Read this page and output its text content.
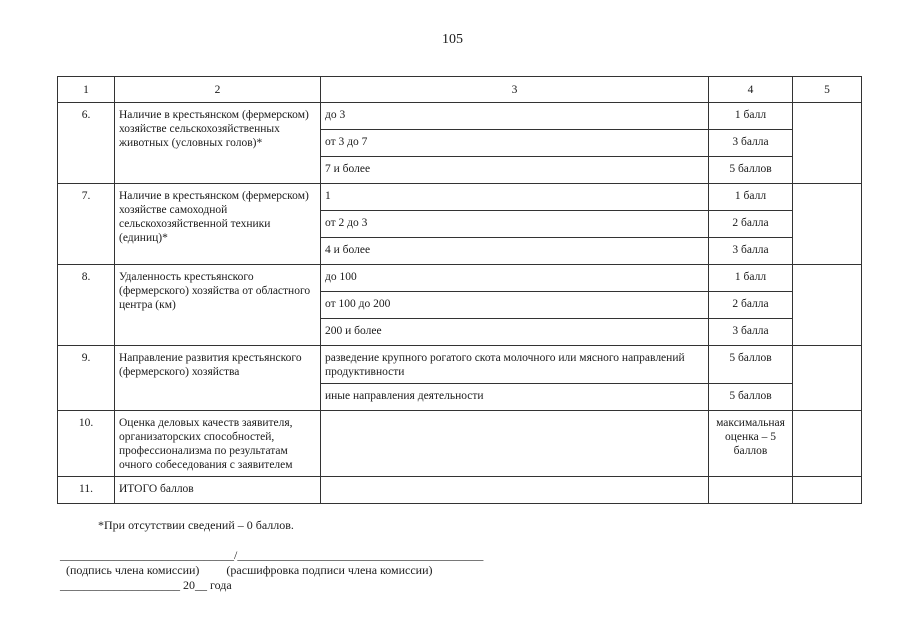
105
1	2	3	4	5
6.	Наличие в крестьянском (фермерском) хозяйстве сельскохозяйственных животных (условных голов)*	до 3	1 балл	
		от 3 до 7	3 балла	
		7 и более	5 баллов	
7.	Наличие в крестьянском (фермерском) хозяйстве самоходной сельскохозяйственной техники (единиц)*	1	1 балл	
		от 2 до 3	2 балла	
		4 и более	3 балла	
8.	Удаленность крестьянского (фермерского) хозяйства от областного центра (км)	до 100	1 балл	
		от 100 до 200	2 балла	
		200 и более	3 балла	
9.	Направление развития крестьянского (фермерского) хозяйства	разведение крупного рогатого скота молочного или мясного направлений продуктивности	5 баллов	
		иные направления деятельности	5 баллов	
10.	Оценка деловых качеств заявителя, организаторских способностей, профессионализма по результатам очного собеседования с заявителем		максимальная оценка – 5 баллов	
11.	ИТОГО баллов			
*При отсутствии сведений – 0 баллов.
_____________________________/_________________________________________
(подпись члена комиссии)         (расшифровка подписи члена комиссии)
____________________ 20__ года
